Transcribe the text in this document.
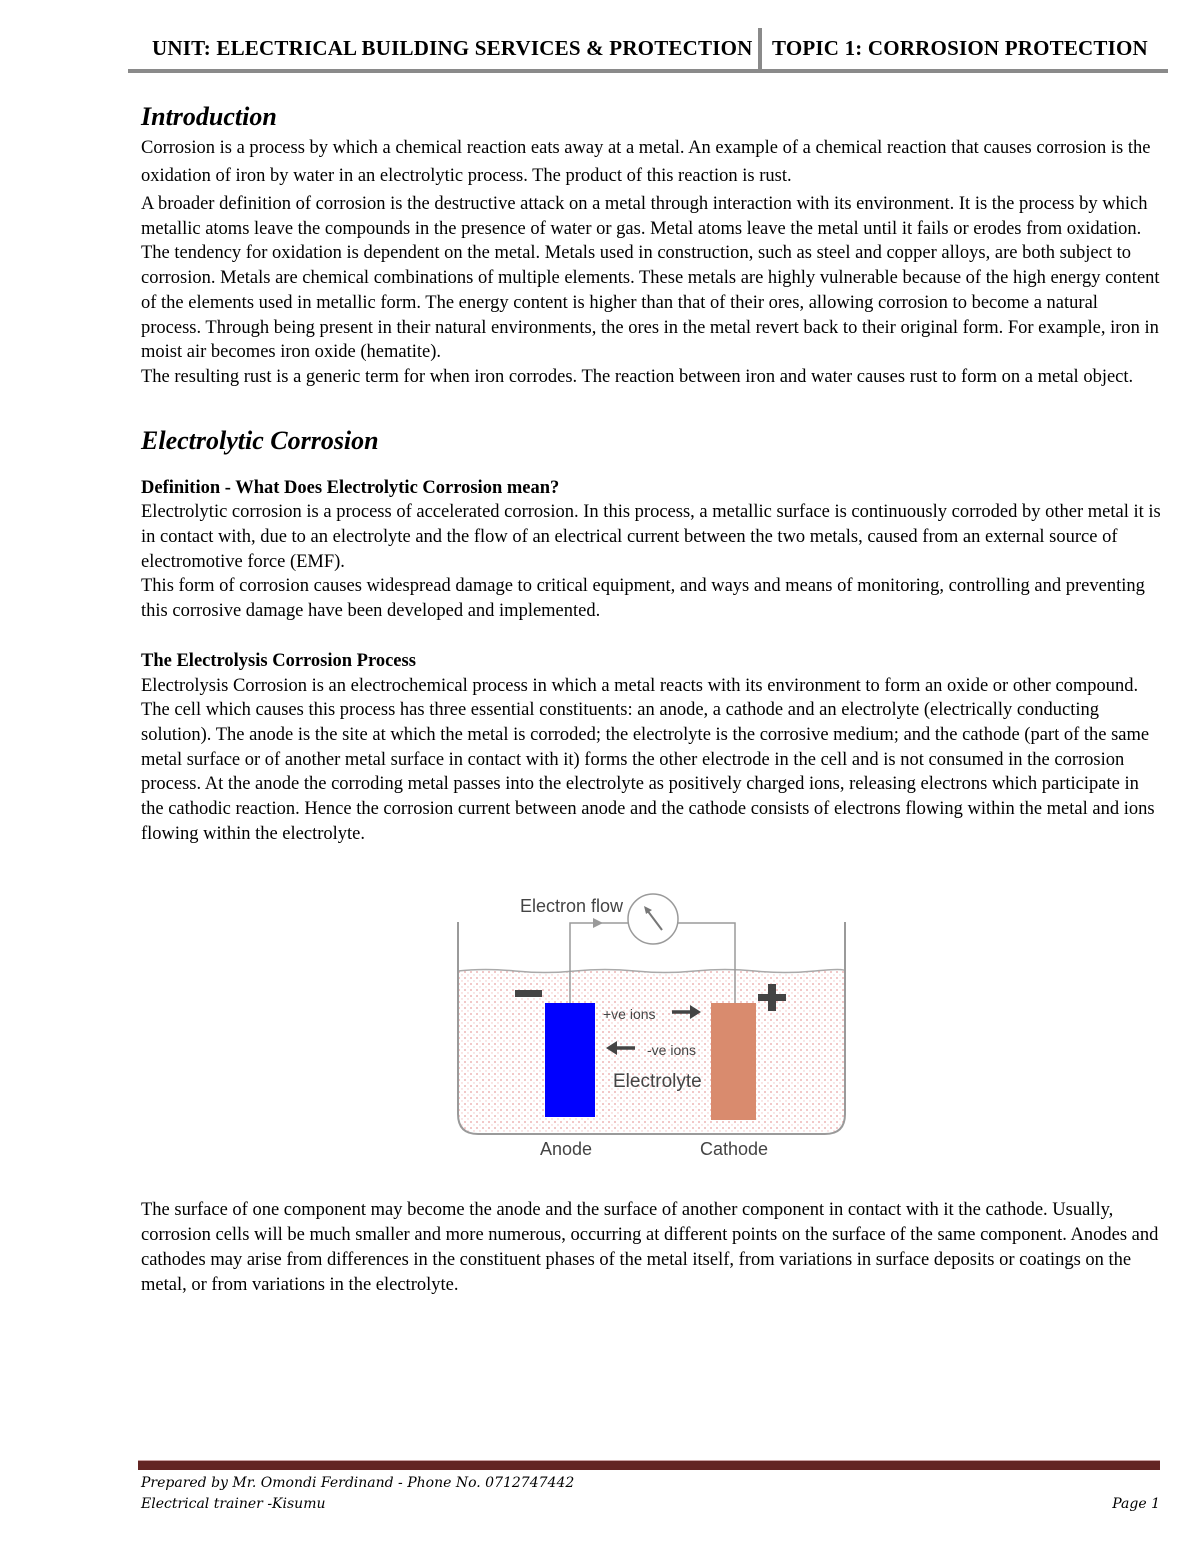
UNIT: ELECTRICAL BUILDING SERVICES & PROTECTION TOPIC 1: CORROSION PROTECTION
Introduction

Corrosion is a process by which a chemical reaction eats away at a metal. An example of a chemical reaction that causes corrosion is the oxidation of iron by water in an electrolytic process. The product of this reaction is rust.

A broader definition of corrosion is the destructive attack on a metal through interaction with its environment. It is the process by which metallic atoms leave the compounds in the presence of water or gas. Metal atoms leave the metal until it fails or erodes from oxidation.

The tendency for oxidation is dependent on the metal. Metals used in construction, such as steel and copper alloys, are both subject to corrosion. Metals are chemical combinations of multiple elements. These metals are highly vulnerable because of the high energy content of the elements used in metallic form. The energy content is higher than that of their ores, allowing corrosion to become a natural process. Through being present in their natural environments, the ores in the metal revert back to their original form. For example, iron in moist air becomes iron oxide (hematite).

The resulting rust is a generic term for when iron corrodes. The reaction between iron and water causes rust to form on a metal object.

Electrolytic Corrosion

Definition - What Does Electrolytic Corrosion mean?

Electrolytic corrosion is a process of accelerated corrosion. In this process, a metallic surface is continuously corroded by other metal it is in contact with, due to an electrolyte and the flow of an electrical current between the two metals, caused from an external source of electromotive force (EMF).

This form of corrosion causes widespread damage to critical equipment, and ways and means of monitoring, controlling and preventing this corrosive damage have been developed and implemented.

The Electrolysis Corrosion Process

Electrolysis Corrosion is an electrochemical process in which a metal reacts with its environment to form an oxide or other compound. The cell which causes this process has three essential constituents: an anode, a cathode and an electrolyte (electrically conducting solution). The anode is the site at which the metal is corroded; the electrolyte is the corrosive medium; and the cathode (part of the same metal surface or of another metal surface in contact with it) forms the other electrode in the cell and is not consumed in the corrosion process. At the anode the corroding metal passes into the electrolyte as positively charged ions, releasing electrons which participate in the cathodic reaction. Hence the corrosion current between anode and the cathode consists of electrons flowing within the metal and ions flowing within the electrolyte.

Electron flow
+ve ions
-ve ions
Electrolyte
Anode	Cathode

The surface of one component may become the anode and the surface of another component in contact with it the cathode. Usually, corrosion cells will be much smaller and more numerous, occurring at different points on the surface of the same component. Anodes and cathodes may arise from differences in the constituent phases of the metal itself, from variations in surface deposits or coatings on the metal, or from variations in the electrolyte.

Prepared by Mr. Omondi Ferdinand - Phone No. 0712747442
Electrical trainer -Kisumu	Page 1
